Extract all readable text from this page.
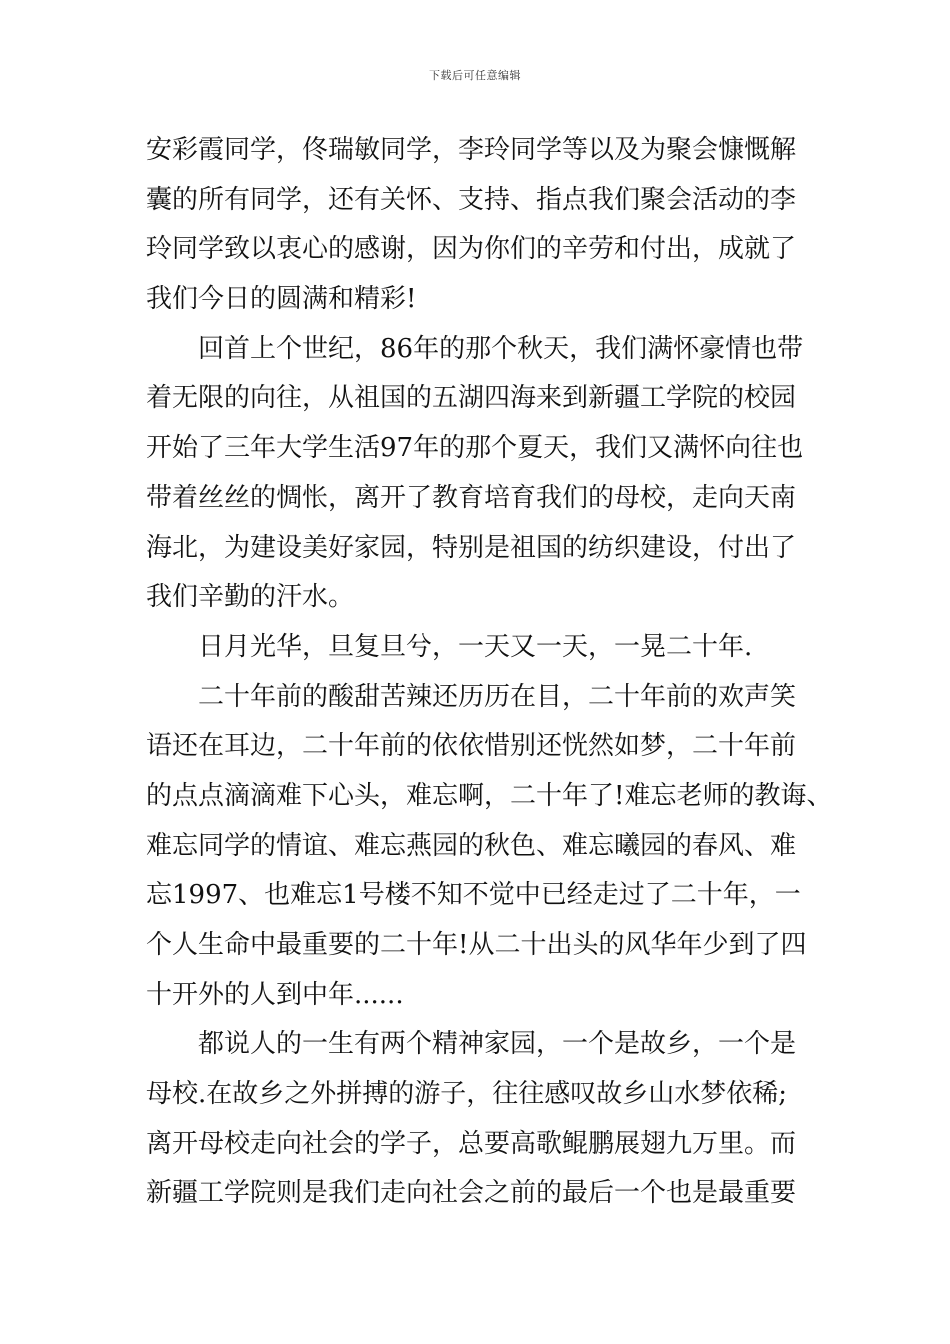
下载后可任意编辑
安彩霞同学，佟瑞敏同学，李玲同学等以及为聚会慷慨解
囊的所有同学，还有关怀、支持、指点我们聚会活动的李
玲同学致以衷心的感谢，因为你们的辛劳和付出，成就了
我们今日的圆满和精彩!
回首上个世纪，86年的那个秋天，我们满怀豪情也带
着无限的向往，从祖国的五湖四海来到新疆工学院的校园
开始了三年大学生活97年的那个夏天，我们又满怀向往也
带着丝丝的惆怅，离开了教育培育我们的母校，走向天南
海北，为建设美好家园，特别是祖国的纺织建设，付出了
我们辛勤的汗水。
日月光华，旦复旦兮，一天又一天，一晃二十年.
二十年前的酸甜苦辣还历历在目，二十年前的欢声笑
语还在耳边，二十年前的依依惜别还恍然如梦，二十年前
的点点滴滴难下心头，难忘啊，二十年了!难忘老师的教诲、
难忘同学的情谊、难忘燕园的秋色、难忘曦园的春风、难
忘1997、也难忘1号楼不知不觉中已经走过了二十年，一
个人生命中最重要的二十年!从二十出头的风华年少到了四
十开外的人到中年......
都说人的一生有两个精神家园，一个是故乡，一个是
母校.在故乡之外拼搏的游子，往往感叹故乡山水梦依稀;
离开母校走向社会的学子，总要高歌鲲鹏展翅九万里。而
新疆工学院则是我们走向社会之前的最后一个也是最重要
